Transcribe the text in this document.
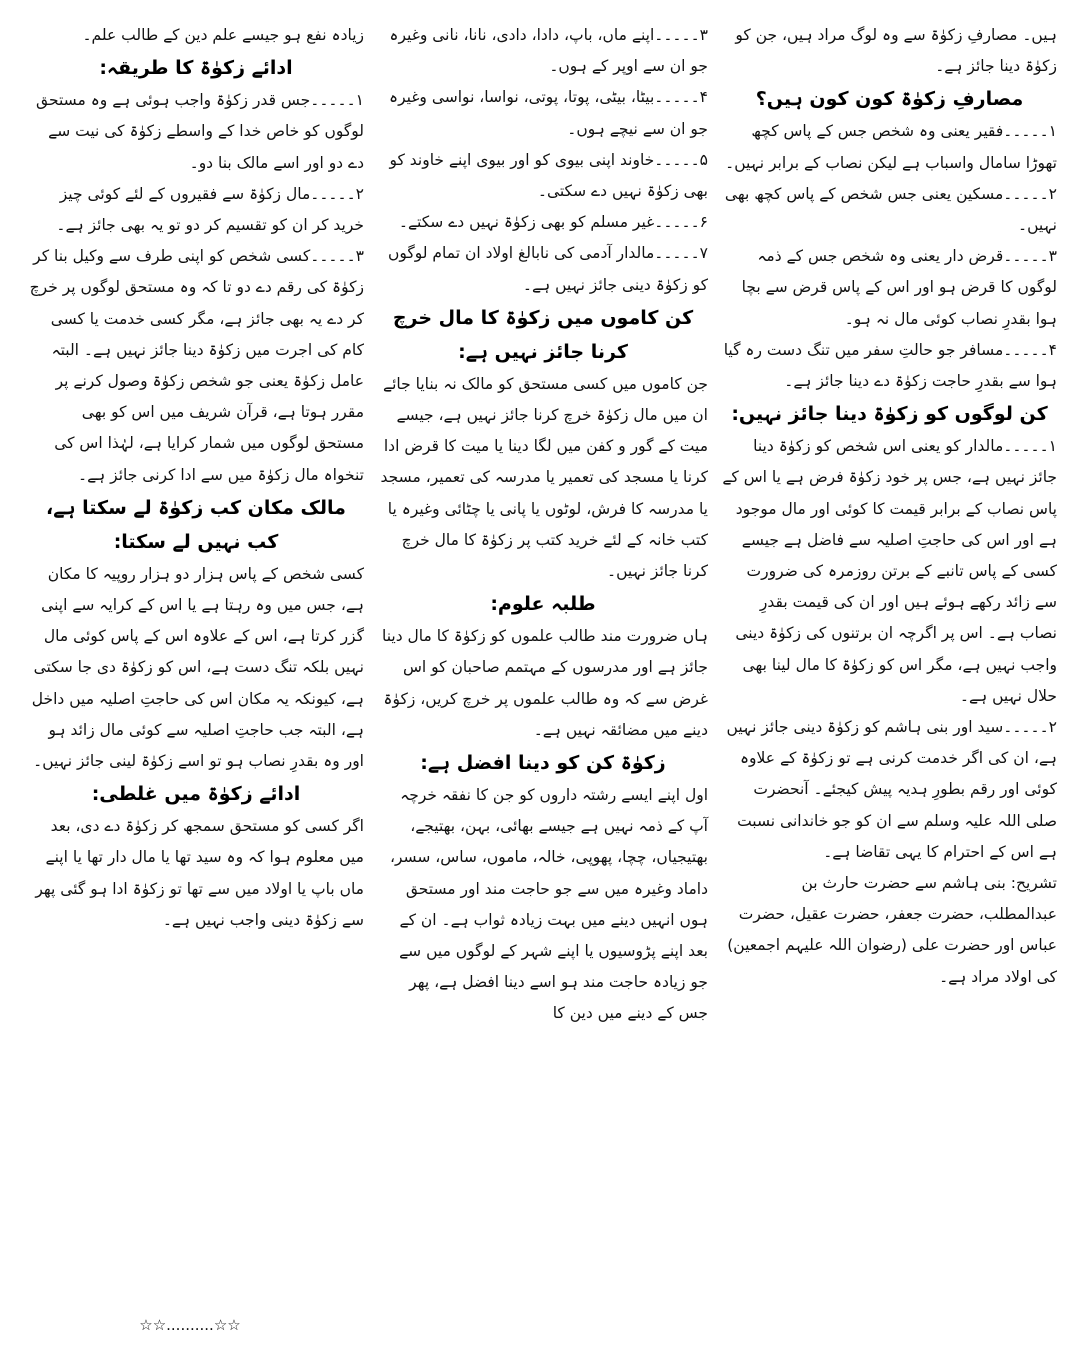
ہیں۔ مصارفِ زکوٰۃ سے وہ لوگ مراد ہیں، جن کو زکوٰۃ دینا جائز ہے۔

مصارفِ زکوٰۃ کون کون ہیں؟

۱۔۔۔۔۔فقیر یعنی وہ شخص جس کے پاس کچھ تھوڑا سامال واسباب ہے لیکن نصاب کے برابر نہیں۔

۲۔۔۔۔۔مسکین یعنی جس شخص کے پاس کچھ بھی نہیں۔

۳۔۔۔۔۔قرض دار یعنی وہ شخص جس کے ذمہ لوگوں کا قرض ہو اور اس کے پاس قرض سے بچا ہوا بقدرِ نصاب کوئی مال نہ ہو۔

۴۔۔۔۔۔مسافر جو حالتِ سفر میں تنگ دست رہ گیا ہوا سے بقدرِ حاجت زکوٰۃ دے دینا جائز ہے۔

کن لوگوں کو زکوٰۃ دینا جائز نہیں:

۱۔۔۔۔۔مالدار کو یعنی اس شخص کو زکوٰۃ دینا جائز نہیں ہے، جس پر خود زکوٰۃ فرض ہے یا اس کے پاس نصاب کے برابر قیمت کا کوئی اور مال موجود ہے اور اس کی حاجتِ اصلیہ سے فاضل ہے جیسے کسی کے پاس تانبے کے برتن روزمرہ کی ضرورت سے زائد رکھے ہوئے ہیں اور ان کی قیمت بقدرِ نصاب ہے۔ اس پر اگرچہ ان برتنوں کی زکوٰۃ دینی واجب نہیں ہے، مگر اس کو زکوٰۃ کا مال لینا بھی حلال نہیں ہے۔

۲۔۔۔۔۔سید اور بنی ہاشم کو زکوٰۃ دینی جائز نہیں ہے، ان کی اگر خدمت کرنی ہے تو زکوٰۃ کے علاوہ کوئی اور رقم بطورِ ہدیہ پیش کیجئے۔ آنحضرت صلی اللہ علیہ وسلم سے ان کو جو خاندانی نسبت ہے اس کے احترام کا یہی تقاضا ہے۔

تشریح: بنی ہاشم سے حضرت حارث بن عبدالمطلب، حضرت جعفر، حضرت عقیل، حضرت عباس اور حضرت علی (رضوان اللہ علیہم اجمعین) کی اولاد مراد ہے۔

۳۔۔۔۔۔اپنے ماں، باپ، دادا، دادی، نانا، نانی وغیرہ جو ان سے اوپر کے ہوں۔

۴۔۔۔۔۔بیٹا، بیٹی، پوتا، پوتی، نواسا، نواسی وغیرہ جو ان سے نیچے ہوں۔

۵۔۔۔۔۔خاوند اپنی بیوی کو اور بیوی اپنے خاوند کو بھی زکوٰۃ نہیں دے سکتی۔

۶۔۔۔۔۔غیر مسلم کو بھی زکوٰۃ نہیں دے سکتے۔

۷۔۔۔۔۔مالدار آدمی کی نابالغ اولاد ان تمام لوگوں کو زکوٰۃ دینی جائز نہیں ہے۔

کن کاموں میں زکوٰۃ کا مال خرچ کرنا جائز نہیں ہے:

جن کاموں میں کسی مستحق کو مالک نہ بنایا جائے ان میں مال زکوٰۃ خرچ کرنا جائز نہیں ہے، جیسے میت کے گور و کفن میں لگا دینا یا میت کا قرض ادا کرنا یا مسجد کی تعمیر یا مدرسہ کی تعمیر، مسجد یا مدرسہ کا فرش، لوٹوں یا پانی یا چٹائی وغیرہ یا کتب خانہ کے لئے خرید کتب پر زکوٰۃ کا مال خرچ کرنا جائز نہیں۔

طلبہ علوم:

ہاں ضرورت مند طالب علموں کو زکوٰۃ کا مال دینا جائز ہے اور مدرسوں کے مہتمم صاحبان کو اس غرض سے کہ وہ طالب علموں پر خرچ کریں، زکوٰۃ دینے میں مضائقہ نہیں ہے۔

زکوٰۃ کن کو دینا افضل ہے:

اول اپنے ایسے رشتہ داروں کو جن کا نفقہ خرچہ آپ کے ذمہ نہیں ہے جیسے بھائی، بہن، بھتیجے، بھتیجیاں، چچا، پھوپی، خالہ، ماموں، ساس، سسر، داماد وغیرہ میں سے جو حاجت مند اور مستحق ہوں انہیں دینے میں بہت زیادہ ثواب ہے۔ ان کے بعد اپنے پڑوسیوں یا اپنے شہر کے لوگوں میں سے جو زیادہ حاجت مند ہو اسے دینا افضل ہے، پھر جس کے دینے میں دین کا

زیادہ نفع ہو جیسے علم دین کے طالب علم۔

ادائے زکوٰۃ کا طریقہ:

۱۔۔۔۔۔جس قدر زکوٰۃ واجب ہوئی ہے وہ مستحق لوگوں کو خاص خدا کے واسطے زکوٰۃ کی نیت سے دے دو اور اسے مالک بنا دو۔

۲۔۔۔۔۔مال زکوٰۃ سے فقیروں کے لئے کوئی چیز خرید کر ان کو تقسیم کر دو تو یہ بھی جائز ہے۔

۳۔۔۔۔۔کسی شخص کو اپنی طرف سے وکیل بنا کر زکوٰۃ کی رقم دے دو تا کہ وہ مستحق لوگوں پر خرچ کر دے یہ بھی جائز ہے، مگر کسی خدمت یا کسی کام کی اجرت میں زکوٰۃ دینا جائز نہیں ہے۔ البتہ عامل زکوٰۃ یعنی جو شخص زکوٰۃ وصول کرنے پر مقرر ہوتا ہے، قرآن شریف میں اس کو بھی مستحق لوگوں میں شمار کرایا ہے، لہٰذا اس کی تنخواہ مال زکوٰۃ میں سے ادا کرنی جائز ہے۔

مالک مکان کب زکوٰۃ لے سکتا ہے، کب نہیں لے سکتا:

کسی شخص کے پاس ہزار دو ہزار روپیہ کا مکان ہے، جس میں وہ رہتا ہے یا اس کے کرایہ سے اپنی گزر کرتا ہے، اس کے علاوہ اس کے پاس کوئی مال نہیں بلکہ تنگ دست ہے، اس کو زکوٰۃ دی جا سکتی ہے، کیونکہ یہ مکان اس کی حاجتِ اصلیہ میں داخل ہے، البتہ جب حاجتِ اصلیہ سے کوئی مال زائد ہو اور وہ بقدرِ نصاب ہو تو اسے زکوٰۃ لینی جائز نہیں۔

ادائے زکوٰۃ میں غلطی:

اگر کسی کو مستحق سمجھ کر زکوٰۃ دے دی، بعد میں معلوم ہوا کہ وہ سید تھا یا مال دار تھا یا اپنے ماں باپ یا اولاد میں سے تھا تو زکوٰۃ ادا ہو گئی پھر سے زکوٰۃ دینی واجب نہیں ہے۔

☆☆..........☆☆
